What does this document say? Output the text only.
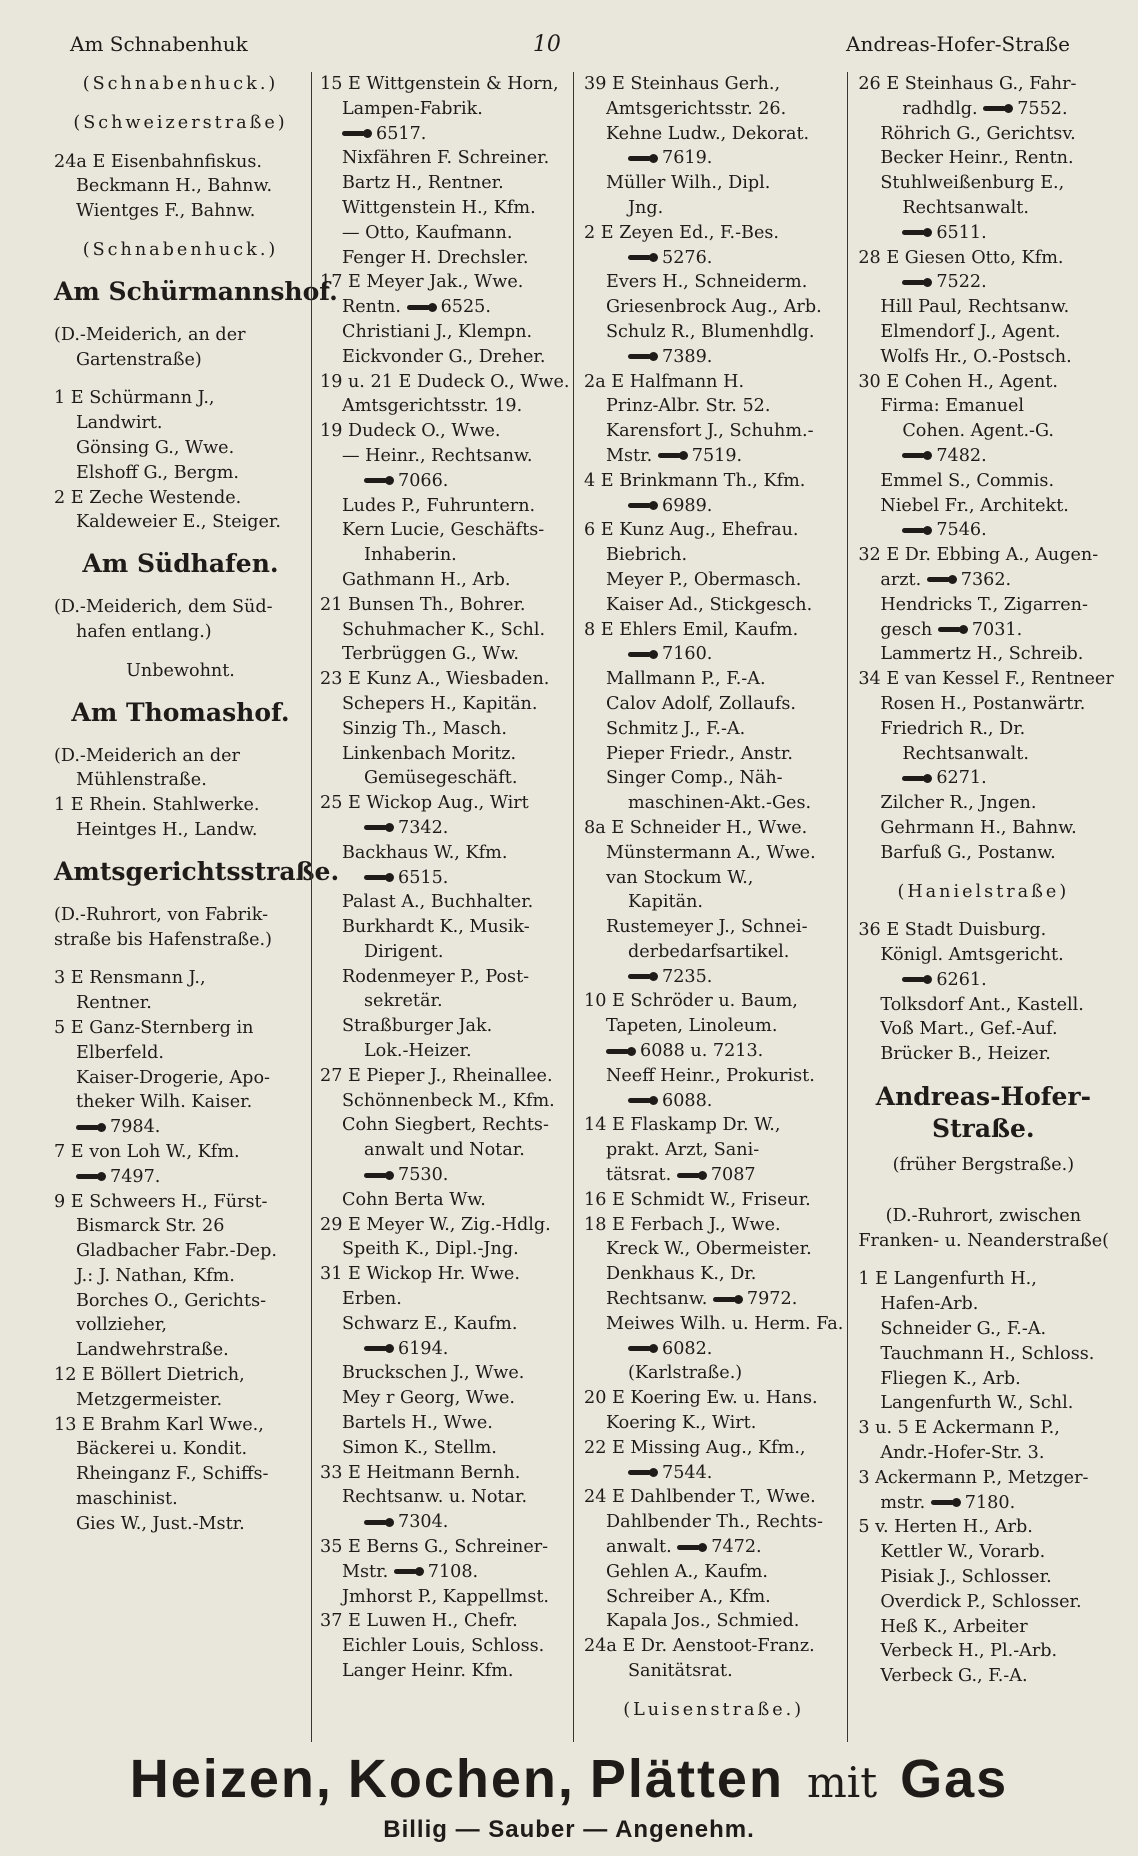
Am Schnabenhuk	10	Andreas-Hofer-Straße
(Schnabenhuck.)
(Schweizerstraße)
24a E Eisenbahnfiskus.
Beckmann H., Bahnw.
Wientges F., Bahnw.
(Schnabenhuck.)
Am Schürmannshof.
(D.-Meiderich, an der
Gartenstraße)
1 E Schürmann J.,
Landwirt.
Gönsing G., Wwe.
Elshoff G., Bergm.
2 E Zeche Westende.
Kaldeweier E., Steiger.
Am Südhafen.
(D.-Meiderich, dem Süd-
hafen entlang.)
Unbewohnt.
Am Thomashof.
(D.-Meiderich an der
Mühlenstraße.
1 E Rhein. Stahlwerke.
Heintges H., Landw.
Amtsgerichtsstraße.
(D.-Ruhrort, von Fabrik-
straße bis Hafenstraße.)
3 E Rensmann J.,
Rentner.
5 E Ganz-Sternberg in
Elberfeld.
Kaiser-Drogerie, Apo-
theker Wilh. Kaiser.
7984.
7 E von Loh W., Kfm.
7497.
9 E Schweers H., Fürst-
Bismarck Str. 26
Gladbacher Fabr.-Dep.
J.: J. Nathan, Kfm.
Borches O., Gerichts-
vollzieher,
Landwehrstraße.
12 E Böllert Dietrich,
Metzgermeister.
13 E Brahm Karl Wwe.,
Bäckerei u. Kondit.
Rheinganz F., Schiffs-
maschinist.
Gies W., Just.-Mstr.
15 E Wittgenstein & Horn,
Lampen-Fabrik.
6517.
Nixfähren F. Schreiner.
Bartz H., Rentner.
Wittgenstein H., Kfm.
— Otto, Kaufmann.
Fenger H. Drechsler.
17 E Meyer Jak., Wwe.
Rentn. 6525.
Christiani J., Klempn.
Eickvonder G., Dreher.
19 u. 21 E Dudeck O., Wwe.
Amtsgerichtsstr. 19.
19 Dudeck O., Wwe.
— Heinr., Rechtsanw.
7066.
Ludes P., Fuhruntern.
Kern Lucie, Geschäfts-
Inhaberin.
Gathmann H., Arb.
21 Bunsen Th., Bohrer.
Schuhmacher K., Schl.
Terbrüggen G., Ww.
23 E Kunz A., Wiesbaden.
Schepers H., Kapitän.
Sinzig Th., Masch.
Linkenbach Moritz.
Gemüsegeschäft.
25 E Wickop Aug., Wirt
7342.
Backhaus W., Kfm.
6515.
Palast A., Buchhalter.
Burkhardt K., Musik-
Dirigent.
Rodenmeyer P., Post-
sekretär.
Straßburger Jak.
Lok.-Heizer.
27 E Pieper J., Rheinallee.
Schönnenbeck M., Kfm.
Cohn Siegbert, Rechts-
anwalt und Notar.
7530.
Cohn Berta Ww.
29 E Meyer W., Zig.-Hdlg.
Speith K., Dipl.-Jng.
31 E Wickop Hr. Wwe.
Erben.
Schwarz E., Kaufm.
6194.
Bruckschen J., Wwe.
Mey r Georg, Wwe.
Bartels H., Wwe.
Simon K., Stellm.
33 E Heitmann Bernh.
Rechtsanw. u. Notar.
7304.
35 E Berns G., Schreiner-
Mstr. 7108.
Jmhorst P., Kappellmst.
37 E Luwen H., Chefr.
Eichler Louis, Schloss.
Langer Heinr. Kfm.
39 E Steinhaus Gerh.,
Amtsgerichtsstr. 26.
Kehne Ludw., Dekorat.
7619.
Müller Wilh., Dipl.
Jng.
2 E Zeyen Ed., F.-Bes.
5276.
Evers H., Schneiderm.
Griesenbrock Aug., Arb.
Schulz R., Blumenhdlg.
7389.
2a E Halfmann H.
Prinz-Albr. Str. 52.
Karensfort J., Schuhm.-
Mstr. 7519.
4 E Brinkmann Th., Kfm.
6989.
6 E Kunz Aug., Ehefrau.
Biebrich.
Meyer P., Obermasch.
Kaiser Ad., Stickgesch.
8 E Ehlers Emil, Kaufm.
7160.
Mallmann P., F.-A.
Calov Adolf, Zollaufs.
Schmitz J., F.-A.
Pieper Friedr., Anstr.
Singer Comp., Näh-
maschinen-Akt.-Ges.
8a E Schneider H., Wwe.
Münstermann A., Wwe.
van Stockum W.,
Kapitän.
Rustemeyer J., Schnei-
derbedarfsartikel.
7235.
10 E Schröder u. Baum,
Tapeten, Linoleum.
6088 u. 7213.
Neeff Heinr., Prokurist.
6088.
14 E Flaskamp Dr. W.,
prakt. Arzt, Sani-
tätsrat. 7087
16 E Schmidt W., Friseur.
18 E Ferbach J., Wwe.
Kreck W., Obermeister.
Denkhaus K., Dr.
Rechtsanw. 7972.
Meiwes Wilh. u. Herm. Fa.
6082.
(Karlstraße.)
20 E Koering Ew. u. Hans.
Koering K., Wirt.
22 E Missing Aug., Kfm.,
7544.
24 E Dahlbender T., Wwe.
Dahlbender Th., Rechts-
anwalt. 7472.
Gehlen A., Kaufm.
Schreiber A., Kfm.
Kapala Jos., Schmied.
24a E Dr. Aenstoot-Franz.
Sanitätsrat.
(Luisenstraße.)
26 E Steinhaus G., Fahr-
radhdlg. 7552.
Röhrich G., Gerichtsv.
Becker Heinr., Rentn.
Stuhlweißenburg E.,
Rechtsanwalt.
6511.
28 E Giesen Otto, Kfm.
7522.
Hill Paul, Rechtsanw.
Elmendorf J., Agent.
Wolfs Hr., O.-Postsch.
30 E Cohen H., Agent.
Firma: Emanuel
Cohen. Agent.-G.
7482.
Emmel S., Commis.
Niebel Fr., Architekt.
7546.
32 E Dr. Ebbing A., Augen-
arzt. 7362.
Hendricks T., Zigarren-
gesch 7031.
Lammertz H., Schreib.
34 E van Kessel F., Rentneer
Rosen H., Postanwärtr.
Friedrich R., Dr.
Rechtsanwalt.
6271.
Zilcher R., Jngen.
Gehrmann H., Bahnw.
Barfuß G., Postanw.
(Hanielstraße)
36 E Stadt Duisburg.
Königl. Amtsgericht.
6261.
Tolksdorf Ant., Kastell.
Voß Mart., Gef.-Auf.
Brücker B., Heizer.
Andreas-Hofer-
Straße.
(früher Bergstraße.)
(D.-Ruhrort, zwischen
Franken- u. Neanderstraße(
1 E Langenfurth H.,
Hafen-Arb.
Schneider G., F.-A.
Tauchmann H., Schloss.
Fliegen K., Arb.
Langenfurth W., Schl.
3 u. 5 E Ackermann P.,
Andr.-Hofer-Str. 3.
3 Ackermann P., Metzger-
mstr. 7180.
5 v. Herten H., Arb.
Kettler W., Vorarb.
Pisiak J., Schlosser.
Overdick P., Schlosser.
Heß K., Arbeiter
Verbeck H., Pl.-Arb.
Verbeck G., F.-A.
Heizen, Kochen, Plätten mit Gas
Billig — Sauber — Angenehm.
